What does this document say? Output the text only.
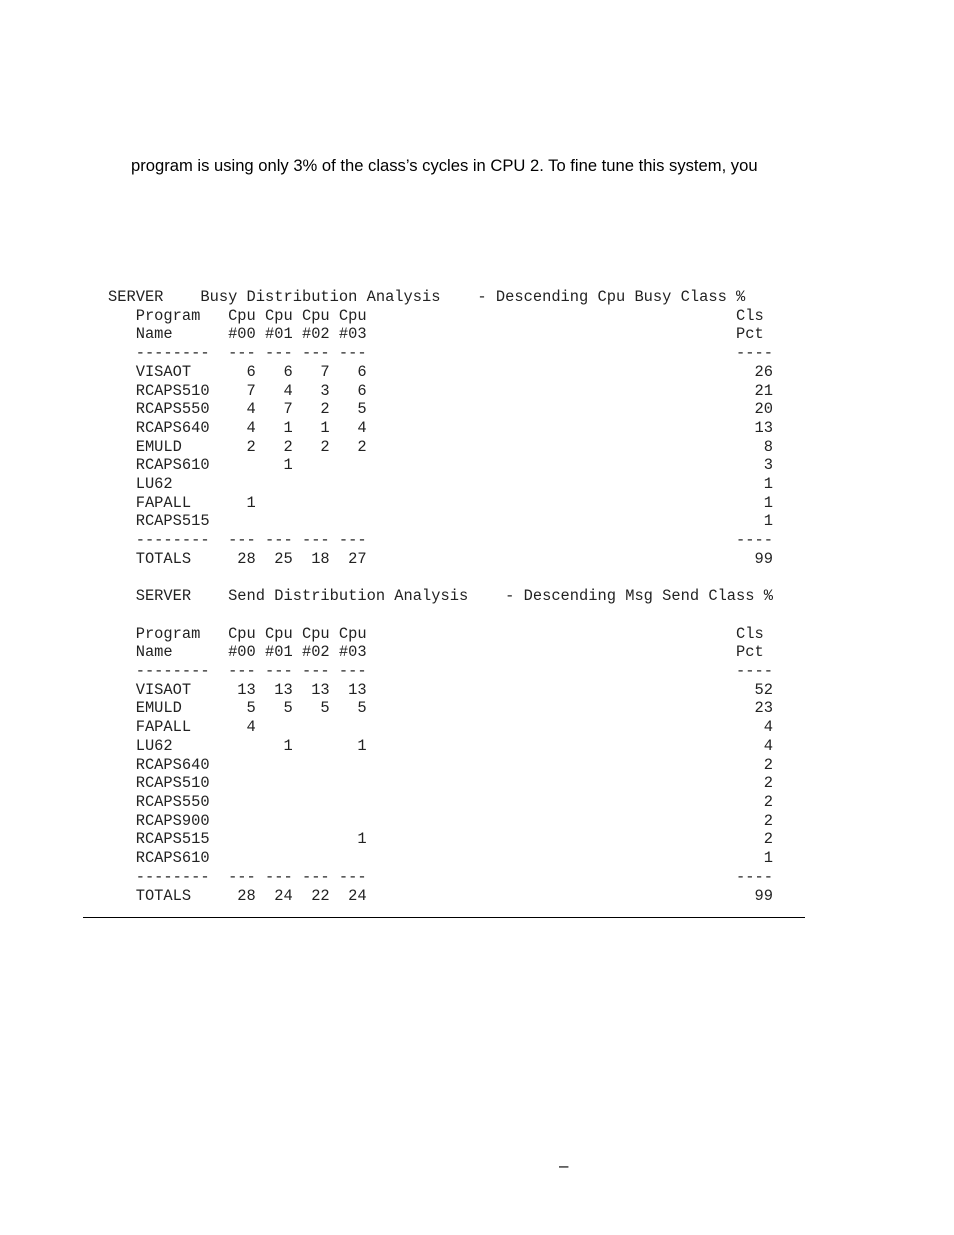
program is using only 3% of the class’s cycles in CPU 2. To fine tune this system, you
SERVER    Busy Distribution Analysis    - Descending Cpu Busy Class %
Program   Cpu Cpu Cpu Cpu                                        Cls
Name      #00 #01 #02 #03                                        Pct
--------  --- --- --- ---                                        ----
VISAOT      6   6   7   6                                          26
RCAPS510    7   4   3   6                                          21
RCAPS550    4   7   2   5                                          20
RCAPS640    4   1   1   4                                          13
EMULD       2   2   2   2                                           8
RCAPS610        1                                                   3
LU62                                                                1
FAPALL      1                                                       1
RCAPS515                                                            1
--------  --- --- --- ---                                        ----
TOTALS     28  25  18  27                                          99

SERVER    Send Distribution Analysis    - Descending Msg Send Class %

Program   Cpu Cpu Cpu Cpu                                        Cls
Name      #00 #01 #02 #03                                        Pct
--------  --- --- --- ---                                        ----
VISAOT     13  13  13  13                                          52
EMULD       5   5   5   5                                          23
FAPALL      4                                                       4
LU62            1       1                                           4
RCAPS640                                                            2
RCAPS510                                                            2
RCAPS550                                                            2
RCAPS900                                                            2
RCAPS515                1                                           2
RCAPS610                                                            1
--------  --- --- --- ---                                        ----
TOTALS     28  24  22  24                                          99
–
